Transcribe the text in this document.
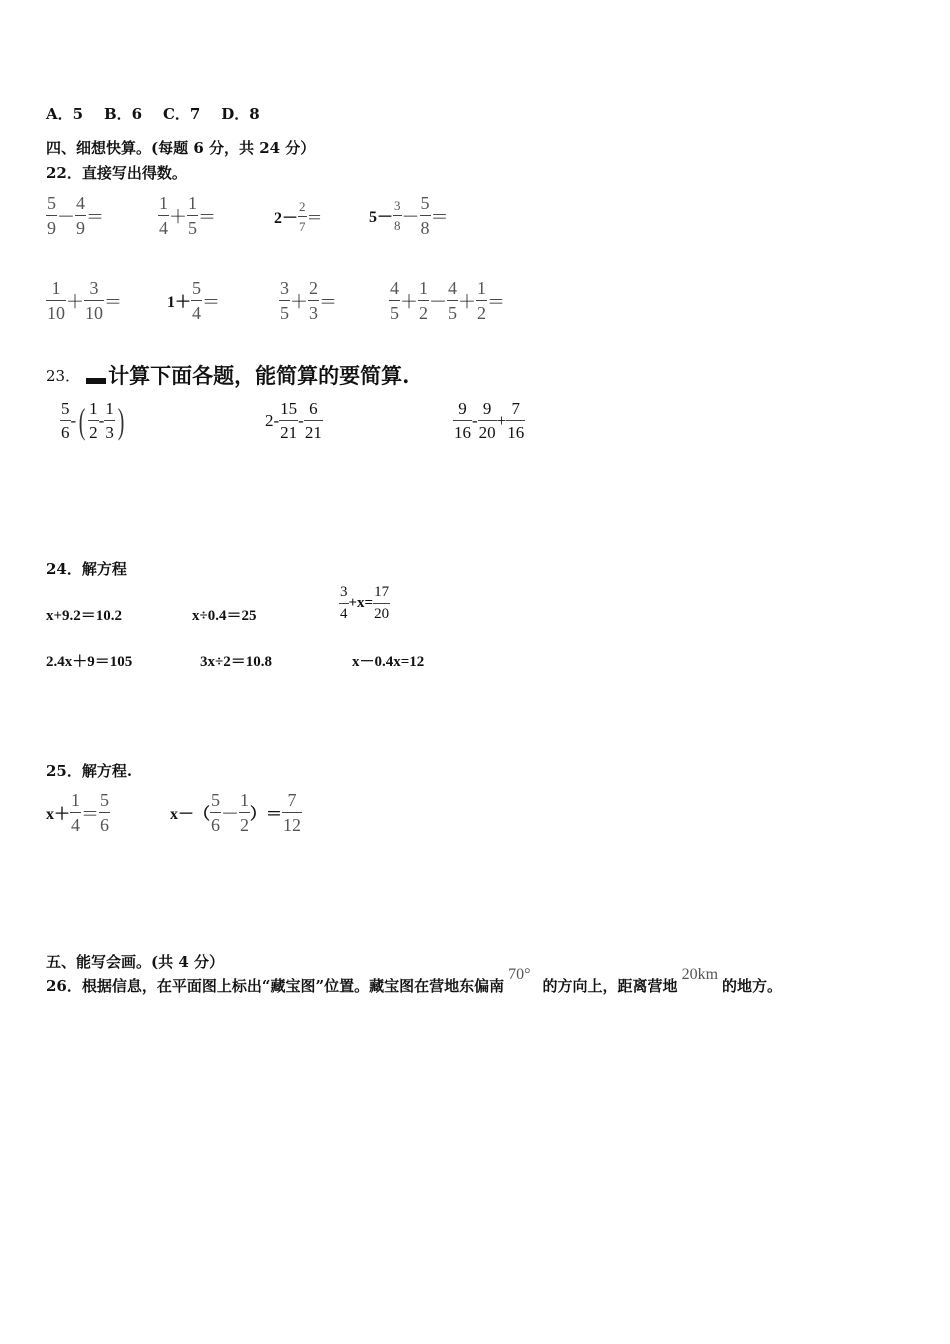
A．5 B．6 C．7 D．8
四、细想快算。(每题 6 分，共 24 分）
22．直接写出得数。
$\frac{5}{9} - \frac{4}{9}$ ＝	$\frac{1}{4} + \frac{1}{5}$ ＝	$2- \frac{2}{7}$ ＝	$5- \frac{3}{8} - \frac{5}{8}$ ＝
$\frac{1}{10} + \frac{3}{10}$ ＝	$1+ \frac{5}{4}$ ＝	$\frac{3}{5} + \frac{2}{3}$ ＝	$\frac{4}{5} + \frac{1}{2} - \frac{4}{5} + \frac{1}{2}$ ＝
23． 计算下面各题，能简算的要简算.
$\frac{5}{6}$ - ( $\frac{1}{2} - \frac{1}{3}$ )	$2- \frac{15}{21} - \frac{6}{21}$	$\frac{9}{16} - \frac{9}{20} + \frac{7}{16}$
24．解方程
x+9.2＝10.2	x÷0.4＝25	$\frac{3}{4} +x= \frac{17}{20}$
2.4x＋9＝105	3x÷2＝10.8	x－0.4x=12
25．解方程.
$x+ \frac{1}{4} = \frac{5}{6}$	$x-( \frac{5}{6} - \frac{1}{2}$ ）＝ $\frac{7}{12}$
五、能写会画。(共 4 分）
26．根据信息，在平面图上标出“藏宝图”位置。藏宝图在营地东偏南
70°
的方向上，距离营地
20km
的地方。
